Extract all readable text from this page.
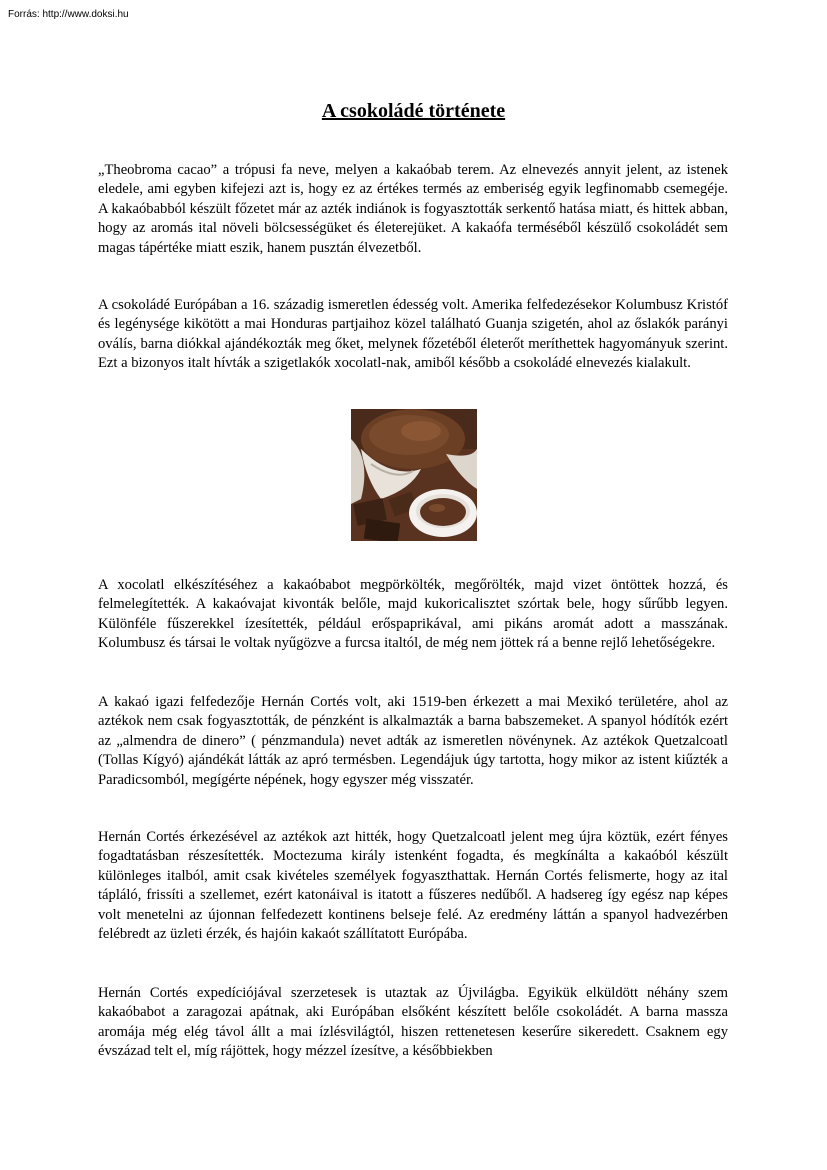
Forrás: http://www.doksi.hu
A csokoládé története

„Theobroma cacao” a trópusi fa neve, melyen a kakaóbab terem. Az elnevezés annyit jelent, az istenek eledele, ami egyben kifejezi azt is, hogy ez az értékes termés az emberiség egyik legfinomabb csemegéje. A kakaóbabból készült főzetet már az azték indiánok is fogyasztották serkentő hatása miatt, és hittek abban, hogy az aromás ital növeli bölcsességüket és életerejüket. A kakaófa terméséből készülő csokoládét sem magas tápértéke miatt eszik, hanem pusztán élvezetből.

A csokoládé Európában a 16. századig ismeretlen édesség volt. Amerika felfedezésekor Kolumbusz Kristóf és legénysége kikötött a mai Honduras partjaihoz közel található Guanja szigetén, ahol az őslakók parányi oválís, barna diókkal ajándékozták meg őket, melynek főzetéből életerőt meríthettek hagyományuk szerint. Ezt a bizonyos italt hívták a szigetlakók xocolatl-nak, amiből később a csokoládé elnevezés kialakult.

A xocolatl elkészítéséhez a kakaóbabot megpörkölték, megőrölték, majd vizet öntöttek hozzá, és felmelegítették. A kakaóvajat kivonták belőle, majd kukoricalisztet szórtak bele, hogy sűrűbb legyen. Különféle fűszerekkel ízesítették, például erőspaprikával, ami pikáns aromát adott a masszának. Kolumbusz és társai le voltak nyűgözve a furcsa italtól, de még nem jöttek rá a benne rejlő lehetőségekre.

A kakaó igazi felfedezője Hernán Cortés volt, aki 1519-ben érkezett a mai Mexikó területére, ahol az aztékok nem csak fogyasztották, de pénzként is alkalmazták a barna babszemeket. A spanyol hódítók ezért az „almendra de dinero” ( pénzmandula) nevet adták az ismeretlen növénynek. Az aztékok Quetzalcoatl (Tollas Kígyó) ajándékát látták az apró termésben. Legendájuk úgy tartotta, hogy mikor az istent kiűzték a Paradicsomból, megígérte népének, hogy egyszer még visszatér.

Hernán Cortés érkezésével az aztékok azt hitték, hogy Quetzalcoatl jelent meg újra köztük, ezért fényes fogadtatásban részesítették. Moctezuma király istenként fogadta, és megkínálta a kakaóból készült különleges italból, amit csak kivételes személyek fogyaszthattak. Hernán Cortés felismerte, hogy az ital tápláló, frissíti a szellemet, ezért katonáival is itatott a fűszeres nedűből. A hadsereg így egész nap képes volt menetelni az újonnan felfedezett kontinens belseje felé. Az eredmény láttán a spanyol hadvezérben felébredt az üzleti érzék, és hajóin kakaót szállítatott Európába.

Hernán Cortés expedíciójával szerzetesek is utaztak az Újvilágba. Egyikük elküldött néhány szem kakaóbabot a zaragozai apátnak, aki Európában elsőként készített belőle csokoládét. A barna massza aromája még elég távol állt a mai ízlésvilágtól, hiszen rettenetesen keserűre sikeredett. Csaknem egy évszázad telt el, míg rájöttek, hogy mézzel ízesítve, a későbbiekben
